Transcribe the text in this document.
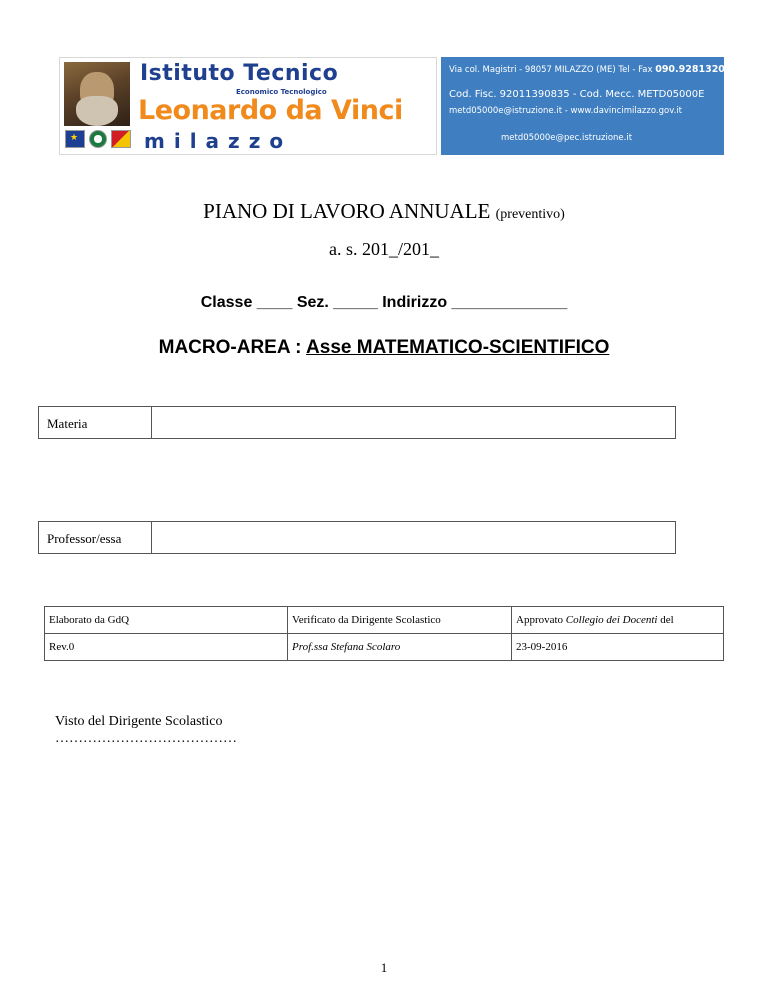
★
Istituto Tecnico
Economico Tecnologico
Leonardo da Vinci
milazzo
Via col. Magistri - 98057 MILAZZO (ME) Tel - Fax 090.9281320
Cod. Fisc. 92011390835 - Cod. Mecc. METD05000E
metd05000e@istruzione.it - www.davincimilazzo.gov.it
metd05000e@pec.istruzione.it
PIANO DI LAVORO ANNUALE (preventivo)
a. s. 201_/201_
Classe ____ Sez. _____ Indirizzo _____________
MACRO-AREA : Asse MATEMATICO-SCIENTIFICO
Materia
Professor/essa
Elaborato da GdQ	Verificato da Dirigente Scolastico	Approvato Collegio dei Docenti del
Rev.0	Prof.ssa Stefana Scolaro	23-09-2016
Visto del Dirigente Scolastico
…………………………………
1
